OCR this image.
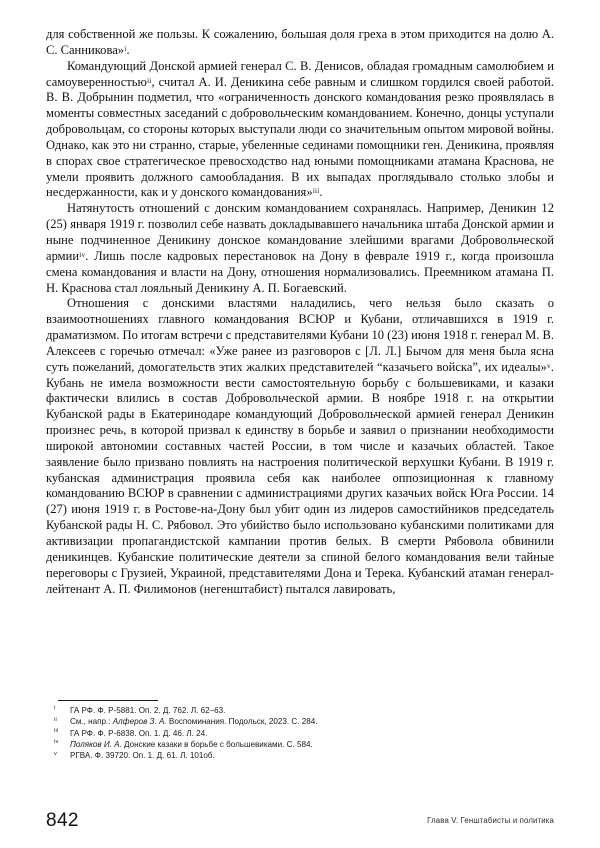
для собственной же пользы. К сожалению, большая доля греха в этом приходится на долю А. С. Санникова»$^i$.

Командующий Донской армией генерал С. В. Денисов, обладая громадным самолюбием и самоуверенностью$^{ii}$, считал А. И. Деникина себе равным и слишком гордился своей работой. В. В. Добрынин подметил, что «ограниченность донского командования резко проявлялась в моменты совместных заседаний с добровольческим командованием. Конечно, донцы уступали добровольцам, со стороны которых выступали люди со значительным опытом мировой войны. Однако, как это ни странно, старые, убеленные сединами помощники ген. Деникина, проявляя в спорах свое стратегическое превосходство над юными помощниками атамана Краснова, не умели проявить должного самообладания. В их выпадах проглядывало столько злобы и несдержанности, как и у донского командования»$^{iii}$.

Натянутость отношений с донским командованием сохранялась. Например, Деникин 12 (25) января 1919 г. позволил себе назвать докладывавшего начальника штаба Донской армии и ныне подчиненное Деникину донское командование злейшими врагами Добровольческой армии$^{iv}$. Лишь после кадровых перестановок на Дону в феврале 1919 г., когда произошла смена командования и власти на Дону, отношения нормализовались. Преемником атамана П. Н. Краснова стал лояльный Деникину А. П. Богаевский.

Отношения с донскими властями наладились, чего нельзя было сказать о взаимоотношениях главного командования ВСЮР и Кубани, отличавшихся в 1919 г. драматизмом. По итогам встречи с представителями Кубани 10 (23) июня 1918 г. генерал М. В. Алексеев с горечью отмечал: «Уже ранее из разговоров с [Л. Л.] Бычом для меня была ясна суть пожеланий, домогательств этих жалких представителей “казачьего войска”, их идеалы»$^v$. Кубань не имела возможности вести самостоятельную борьбу с большевиками, и казаки фактически влились в состав Добровольческой армии. В ноябре 1918 г. на открытии Кубанской рады в Екатеринодаре командующий Добровольческой армией генерал Деникин произнес речь, в которой призвал к единству в борьбе и заявил о признании необходимости широкой автономии составных частей России, в том числе и казачьих областей. Такое заявление было призвано повлиять на настроения политической верхушки Кубани. В 1919 г. кубанская администрация проявила себя как наиболее оппозиционная к главному командованию ВСЮР в сравнении с администрациями других казачьих войск Юга России. 14 (27) июня 1919 г. в Ростове-на-Дону был убит один из лидеров самостийников председатель Кубанской рады Н. С. Рябовол. Это убийство было использовано кубанскими политиками для активизации пропагандистской кампании против белых. В смерти Рябовола обвинили деникинцев. Кубанские политические деятели за спиной белого командования вели тайные переговоры с Грузией, Украиной, представителями Дона и Терека. Кубанский атаман генерал-лейтенант А. П. Филимонов (негенштабист) пытался лавировать,

i	ГА РФ. Ф. Р-5881. Оп. 2. Д. 762. Л. 62–63.
ii	См., напр.: Алферов З. А. Воспоминания. Подольск, 2023. С. 284.
iii	ГА РФ. Ф. Р-6838. Оп. 1. Д. 46. Л. 24.
iv	Поляков И. А. Донские казаки в борьбе с большевиками. С. 584.
v	РГВА. Ф. 39720. Оп. 1. Д. 61. Л. 101об.
842	Глава V. Генштабисты и политика
